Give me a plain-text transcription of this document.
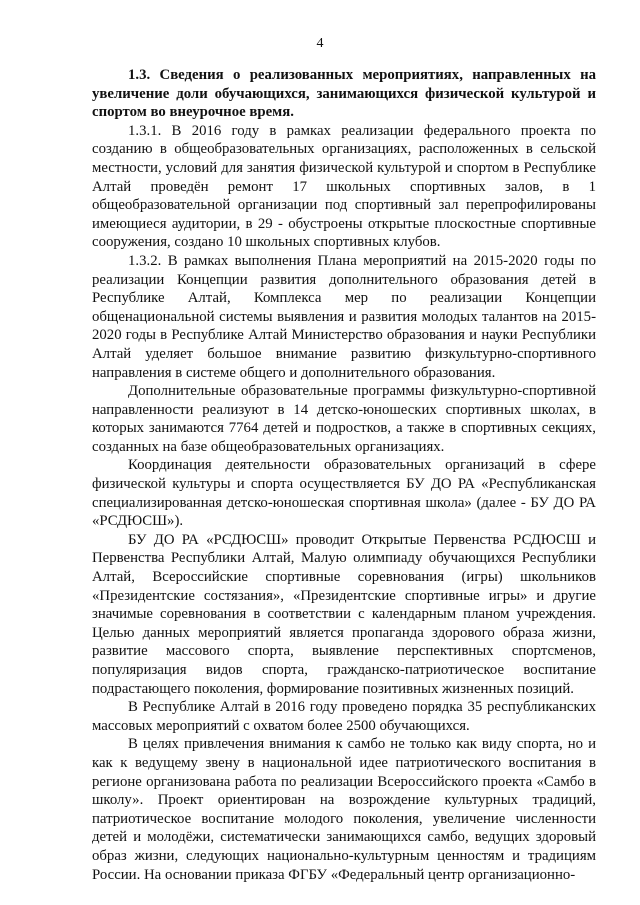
4

1.3. Сведения о реализованных мероприятиях, направленных на увеличение доли обучающихся, занимающихся физической культурой и спортом во внеурочное время.

1.3.1. В 2016 году в рамках реализации федерального проекта по созданию в общеобразовательных организациях, расположенных в сельской местности, условий для занятия физической культурой и спортом в Республике Алтай проведён ремонт 17 школьных спортивных залов, в 1 общеобразовательной организации под спортивный зал перепрофилированы имеющиеся аудитории, в 29 - обустроены открытые плоскостные спортивные сооружения, создано 10 школьных спортивных клубов.

1.3.2. В рамках выполнения Плана мероприятий на 2015-2020 годы по реализации Концепции развития дополнительного образования детей в Республике Алтай, Комплекса мер по реализации Концепции общенациональной системы выявления и развития молодых талантов на 2015-2020 годы в Республике Алтай Министерство образования и науки Республики Алтай уделяет большое внимание развитию физкультурно-спортивного направления в системе общего и дополнительного образования.

Дополнительные образовательные программы физкультурно-спортивной направленности реализуют в 14 детско-юношеских спортивных школах, в которых занимаются 7764 детей и подростков, а также в спортивных секциях, созданных на базе общеобразовательных организациях.

Координация деятельности образовательных организаций в сфере физической культуры и спорта осуществляется БУ ДО РА «Республиканская специализированная детско-юношеская спортивная школа» (далее - БУ ДО РА «РСДЮСШ»).

БУ ДО РА «РСДЮСШ» проводит Открытые Первенства РСДЮСШ и Первенства Республики Алтай, Малую олимпиаду обучающихся Республики Алтай, Всероссийские спортивные соревнования (игры) школьников «Президентские состязания», «Президентские спортивные игры» и другие значимые соревнования в соответствии с календарным планом учреждения. Целью данных мероприятий является пропаганда здорового образа жизни, развитие массового спорта, выявление перспективных спортсменов, популяризация видов спорта, гражданско-патриотическое воспитание подрастающего поколения, формирование позитивных жизненных позиций.

В Республике Алтай в 2016 году проведено порядка 35 республиканских массовых мероприятий с охватом более 2500 обучающихся.

В целях привлечения внимания к самбо не только как виду спорта, но и как к ведущему звену в национальной идее патриотического воспитания в регионе организована работа по реализации Всероссийского проекта «Самбо в школу». Проект ориентирован на возрождение культурных традиций, патриотическое воспитание молодого поколения, увеличение численности детей и молодёжи, систематически занимающихся самбо, ведущих здоровый образ жизни, следующих национально-культурным ценностям и традициям России. На основании приказа ФГБУ «Федеральный центр организационно-
